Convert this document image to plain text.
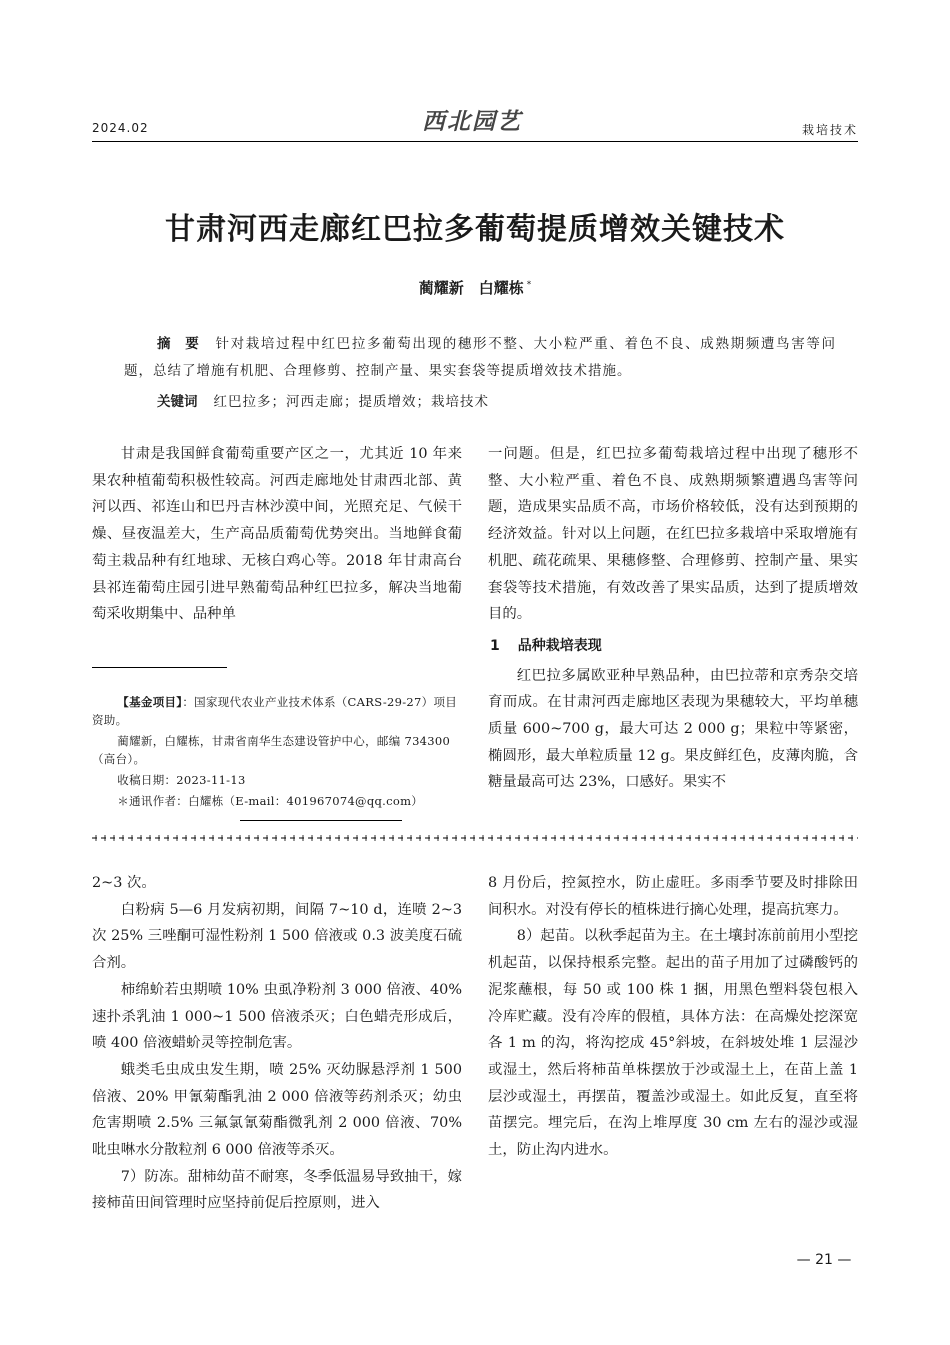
2024.02	西北园艺	栽培技术
甘肃河西走廊红巴拉多葡萄提质增效关键技术
蔺耀新　白耀栋 *
摘　要 针对栽培过程中红巴拉多葡萄出现的穗形不整、大小粒严重、着色不良、成熟期频遭鸟害等问题，总结了增施有机肥、合理修剪、控制产量、果实套袋等提质增效技术措施。
关键词 红巴拉多；河西走廊；提质增效；栽培技术

甘肃是我国鲜食葡萄重要产区之一，尤其近 10 年来果农种植葡萄积极性较高。河西走廊地处甘肃西北部、黄河以西、祁连山和巴丹吉林沙漠中间，光照充足、气候干燥、昼夜温差大，生产高品质葡萄优势突出。当地鲜食葡萄主栽品种有红地球、无核白鸡心等。2018 年甘肃高台县祁连葡萄庄园引进早熟葡萄品种红巴拉多，解决当地葡萄采收期集中、品种单

一问题。但是，红巴拉多葡萄栽培过程中出现了穗形不整、大小粒严重、着色不良、成熟期频繁遭遇鸟害等问题，造成果实品质不高，市场价格较低，没有达到预期的经济效益。针对以上问题，在红巴拉多栽培中采取增施有机肥、疏花疏果、果穗修整、合理修剪、控制产量、果实套袋等技术措施，有效改善了果实品质，达到了提质增效目的。

1 品种栽培表现

红巴拉多属欧亚种早熟品种，由巴拉蒂和京秀杂交培育而成。在甘肃河西走廊地区表现为果穗较大，平均单穗质量 600~700 g，最大可达 2 000 g；果粒中等紧密，椭圆形，最大单粒质量 12 g。果皮鲜红色，皮薄肉脆，含糖量最高可达 23%，口感好。果实不

【基金项目】：国家现代农业产业技术体系（CARS-29-27）项目资助。

蔺耀新，白耀栋，甘肃省南华生态建设管护中心，邮编 734300（高台）。

收稿日期：2023-11-13

＊通讯作者：白耀栋（E-mail：401967074@qq.com）

2~3 次。

白粉病 5—6 月发病初期，间隔 7~10 d，连喷 2~3 次 25% 三唑酮可湿性粉剂 1 500 倍液或 0.3 波美度石硫合剂。

柿绵蚧若虫期喷 10% 虫虱净粉剂 3 000 倍液、40% 速扑杀乳油 1 000~1 500 倍液杀灭；白色蜡壳形成后，喷 400 倍液蜡蚧灵等控制危害。

蛾类毛虫成虫发生期，喷 25% 灭幼脲悬浮剂 1 500 倍液、20% 甲氰菊酯乳油 2 000 倍液等药剂杀灭；幼虫危害期喷 2.5% 三氟氯氰菊酯微乳剂 2 000 倍液、70% 吡虫啉水分散粒剂 6 000 倍液等杀灭。

7）防冻。甜柿幼苗不耐寒，冬季低温易导致抽干，嫁接柿苗田间管理时应坚持前促后控原则，进入

8 月份后，控氮控水，防止虚旺。多雨季节要及时排除田间积水。对没有停长的植株进行摘心处理，提高抗寒力。

8）起苗。以秋季起苗为主。在土壤封冻前前用小型挖机起苗，以保持根系完整。起出的苗子用加了过磷酸钙的泥浆蘸根，每 50 或 100 株 1 捆，用黑色塑料袋包根入冷库贮藏。没有冷库的假植，具体方法：在高燥处挖深宽各 1 m 的沟，将沟挖成 45°斜坡，在斜坡处堆 1 层湿沙或湿土，然后将柿苗单株摆放于沙或湿土上，在苗上盖 1 层沙或湿土，再摆苗，覆盖沙或湿土。如此反复，直至将苗摆完。埋完后，在沟上堆厚度 30 cm 左右的湿沙或湿土，防止沟内进水。

— 21 —
